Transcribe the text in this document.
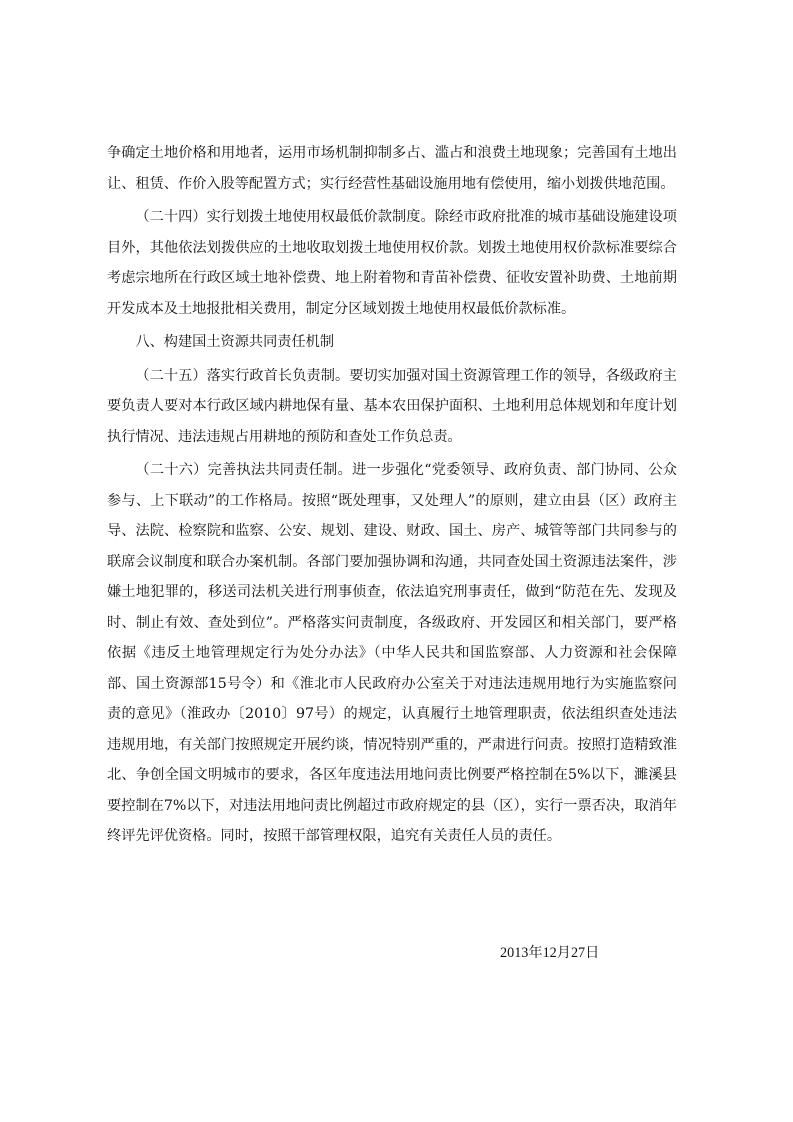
争确定土地价格和用地者，运用市场机制抑制多占、滥占和浪费土地现象；完善国有土地出让、租赁、作价入股等配置方式；实行经营性基础设施用地有偿使用，缩小划拨供地范围。

（二十四）实行划拨土地使用权最低价款制度。除经市政府批准的城市基础设施建设项目外，其他依法划拨供应的土地收取划拨土地使用权价款。划拨土地使用权价款标准要综合考虑宗地所在行政区域土地补偿费、地上附着物和青苗补偿费、征收安置补助费、土地前期开发成本及土地报批相关费用，制定分区域划拨土地使用权最低价款标准。

八、构建国土资源共同责任机制

（二十五）落实行政首长负责制。要切实加强对国土资源管理工作的领导，各级政府主要负责人要对本行政区域内耕地保有量、基本农田保护面积、土地利用总体规划和年度计划执行情况、违法违规占用耕地的预防和查处工作负总责。

（二十六）完善执法共同责任制。进一步强化“党委领导、政府负责、部门协同、公众参与、上下联动”的工作格局。按照“既处理事，又处理人”的原则，建立由县（区）政府主导、法院、检察院和监察、公安、规划、建设、财政、国土、房产、城管等部门共同参与的联席会议制度和联合办案机制。各部门要加强协调和沟通，共同查处国土资源违法案件，涉嫌土地犯罪的，移送司法机关进行刑事侦查，依法追究刑事责任，做到“防范在先、发现及时、制止有效、查处到位”。严格落实问责制度，各级政府、开发园区和相关部门，要严格依据《违反土地管理规定行为处分办法》（中华人民共和国监察部、人力资源和社会保障部、国土资源部15号令）和《淮北市人民政府办公室关于对违法违规用地行为实施监察问责的意见》（淮政办〔2010〕97号）的规定，认真履行土地管理职责，依法组织查处违法违规用地，有关部门按照规定开展约谈，情况特别严重的，严肃进行问责。按照打造精致淮北、争创全国文明城市的要求，各区年度违法用地问责比例要严格控制在5%以下，濉溪县要控制在7%以下，对违法用地问责比例超过市政府规定的县（区），实行一票否决，取消年终评先评优资格。同时，按照干部管理权限，追究有关责任人员的责任。

2013年12月27日
